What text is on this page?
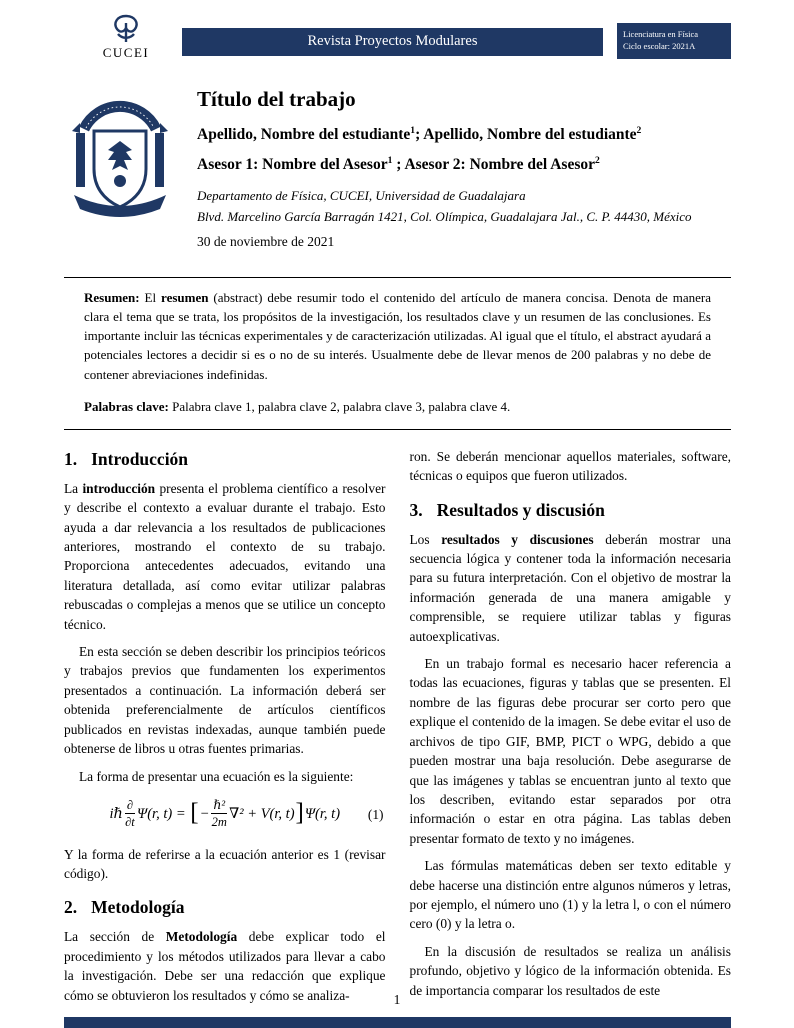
CUCEI
Revista Proyectos Modulares	Licenciatura en Física
Ciclo escolar: 2021A
Título del trabajo

Apellido, Nombre del estudiante$^1$; Apellido, Nombre del estudiante$^2$

Asesor 1: Nombre del Asesor$^1$ ; Asesor 2: Nombre del Asesor$^2$

Departamento de Física, CUCEI, Universidad de Guadalajara

Blvd. Marcelino García Barragán 1421, Col. Olímpica, Guadalajara Jal., C. P. 44430, México

30 de noviembre de 2021

Resumen: El resumen (abstract) debe resumir todo el contenido del artículo de manera concisa. Denota de manera clara el tema que se trata, los propósitos de la investigación, los resultados clave y un resumen de las conclusiones. Es importante incluir las técnicas experimentales y de caracterización utilizadas. Al igual que el título, el abstract ayudará a potenciales lectores a decidir si es o no de su interés. Usualmente debe de llevar menos de 200 palabras y no debe de contener abreviaciones indefinidas.

Palabras clave: Palabra clave 1, palabra clave 2, palabra clave 3, palabra clave 4.

1. Introducción

La introducción presenta el problema científico a resolver y describe el contexto a evaluar durante el trabajo. Esto ayuda a dar relevancia a los resultados de publicaciones anteriores, mostrando el contexto de su trabajo. Proporciona antecedentes adecuados, evitando una literatura detallada, así como evitar utilizar palabras rebuscadas o complejas a menos que se utilice un concepto técnico.

En esta sección se deben describir los principios teóricos y trabajos previos que fundamenten los experimentos presentados a continuación. La información deberá ser obtenida preferencialmente de artículos científicos publicados en revistas indexadas, aunque también puede obtenerse de libros u otras fuentes primarias.

La forma de presentar una ecuación es la siguiente:

iℏ $\frac{\partial}{\partial t} \Psi(r$, t) = [− $\frac{\text{ℏ²}}{2m} \nabla^2 + V(r$, t)]Ψ(r, t) (1)

Y la forma de referirse a la ecuación anterior es 1 (revisar código).

2. Metodología

La sección de Metodología debe explicar todo el procedimiento y los métodos utilizados para llevar a cabo la investigación. Debe ser una redacción que explique cómo se obtuvieron los resultados y cómo se analiza-

ron. Se deberán mencionar aquellos materiales, software, técnicas o equipos que fueron utilizados.

3. Resultados y discusión

Los resultados y discusiones deberán mostrar una secuencia lógica y contener toda la información necesaria para su futura interpretación. Con el objetivo de mostrar la información generada de una manera amigable y comprensible, se requiere utilizar tablas y figuras autoexplicativas.

En un trabajo formal es necesario hacer referencia a todas las ecuaciones, figuras y tablas que se presenten. El nombre de las figuras debe procurar ser corto pero que explique el contenido de la imagen. Se debe evitar el uso de archivos de tipo GIF, BMP, PICT o WPG, debido a que pueden mostrar una baja resolución. Debe asegurarse de que las imágenes y tablas se encuentran junto al texto que los describen, evitando estar separados por otra información o estar en otra página. Las tablas deben presentar formato de texto y no imágenes.

Las fórmulas matemáticas deben ser texto editable y debe hacerse una distinción entre algunos números y letras, por ejemplo, el número uno (1) y la letra l, o con el número cero (0) y la letra o.

En la discusión de resultados se realiza un análisis profundo, objetivo y lógico de la información obtenida. Es de importancia comparar los resultados de este

1
